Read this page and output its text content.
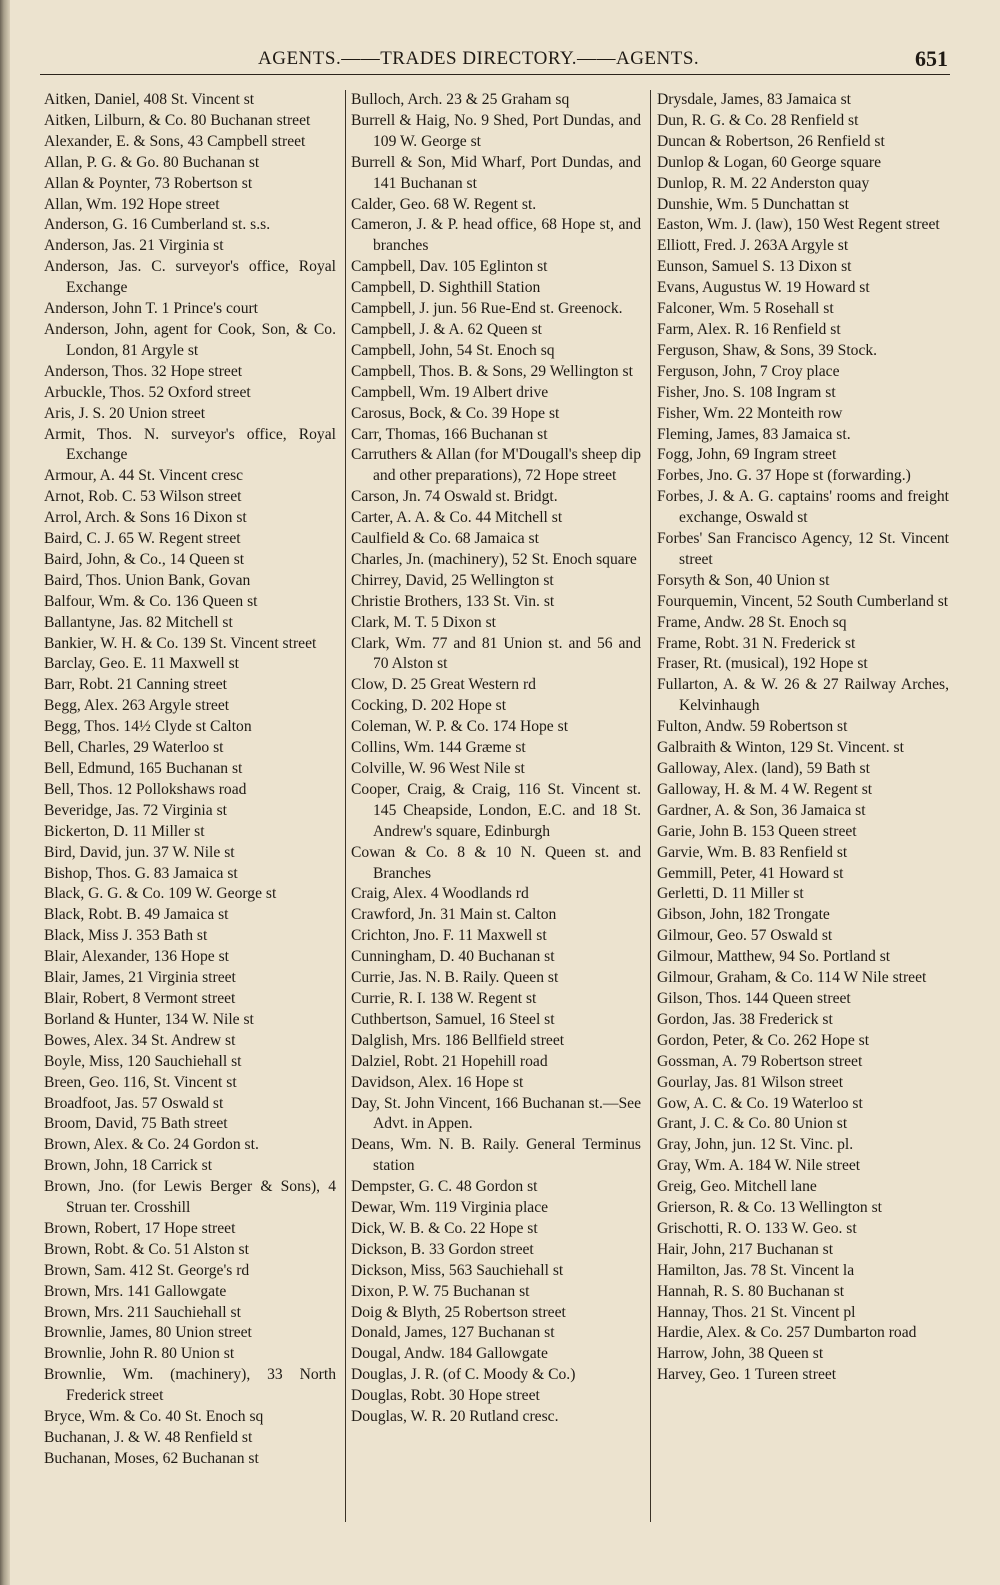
AGENTS.——TRADES DIRECTORY.——AGENTS.	651

Aitken, Daniel, 408 St. Vincent st

Aitken, Lilburn, & Co. 80 Buchanan street

Alexander, E. & Sons, 43 Campbell street

Allan, P. G. & Go. 80 Buchanan st

Allan & Poynter, 73 Robertson st

Allan, Wm. 192 Hope street

Anderson, G. 16 Cumberland st. s.s.

Anderson, Jas. 21 Virginia st

Anderson, Jas. C. surveyor's office, Royal Exchange

Anderson, John T. 1 Prince's court

Anderson, John, agent for Cook, Son, & Co. London, 81 Argyle st

Anderson, Thos. 32 Hope street

Arbuckle, Thos. 52 Oxford street

Aris, J. S. 20 Union street

Armit, Thos. N. surveyor's office, Royal Exchange

Armour, A. 44 St. Vincent cresc

Arnot, Rob. C. 53 Wilson street

Arrol, Arch. & Sons 16 Dixon st

Baird, C. J. 65 W. Regent street

Baird, John, & Co., 14 Queen st

Baird, Thos. Union Bank, Govan

Balfour, Wm. & Co. 136 Queen st

Ballantyne, Jas. 82 Mitchell st

Bankier, W. H. & Co. 139 St. Vincent street

Barclay, Geo. E. 11 Maxwell st

Barr, Robt. 21 Canning street

Begg, Alex. 263 Argyle street

Begg, Thos. 14½ Clyde st Calton

Bell, Charles, 29 Waterloo st

Bell, Edmund, 165 Buchanan st

Bell, Thos. 12 Pollokshaws road

Beveridge, Jas. 72 Virginia st

Bickerton, D. 11 Miller st

Bird, David, jun. 37 W. Nile st

Bishop, Thos. G. 83 Jamaica st

Black, G. G. & Co. 109 W. George st

Black, Robt. B. 49 Jamaica st

Black, Miss J. 353 Bath st

Blair, Alexander, 136 Hope st

Blair, James, 21 Virginia street

Blair, Robert, 8 Vermont street

Borland & Hunter, 134 W. Nile st

Bowes, Alex. 34 St. Andrew st

Boyle, Miss, 120 Sauchiehall st

Breen, Geo. 116, St. Vincent st

Broadfoot, Jas. 57 Oswald st

Broom, David, 75 Bath street

Brown, Alex. & Co. 24 Gordon st.

Brown, John, 18 Carrick st

Brown, Jno. (for Lewis Berger & Sons), 4 Struan ter. Crosshill

Brown, Robert, 17 Hope street

Brown, Robt. & Co. 51 Alston st

Brown, Sam. 412 St. George's rd

Brown, Mrs. 141 Gallowgate

Brown, Mrs. 211 Sauchiehall st

Brownlie, James, 80 Union street

Brownlie, John R. 80 Union st

Brownlie, Wm. (machinery), 33 North Frederick street

Bryce, Wm. & Co. 40 St. Enoch sq

Buchanan, J. & W. 48 Renfield st

Buchanan, Moses, 62 Buchanan st

Bulloch, Arch. 23 & 25 Graham sq

Burrell & Haig, No. 9 Shed, Port Dundas, and 109 W. George st

Burrell & Son, Mid Wharf, Port Dundas, and 141 Buchanan st

Calder, Geo. 68 W. Regent st.

Cameron, J. & P. head office, 68 Hope st, and branches

Campbell, Dav. 105 Eglinton st

Campbell, D. Sighthill Station

Campbell, J. jun. 56 Rue-End st. Greenock.

Campbell, J. & A. 62 Queen st

Campbell, John, 54 St. Enoch sq

Campbell, Thos. B. & Sons, 29 Wellington st

Campbell, Wm. 19 Albert drive

Carosus, Bock, & Co. 39 Hope st

Carr, Thomas, 166 Buchanan st

Carruthers & Allan (for M'Dougall's sheep dip and other preparations), 72 Hope street

Carson, Jn. 74 Oswald st. Bridgt.

Carter, A. A. & Co. 44 Mitchell st

Caulfield & Co. 68 Jamaica st

Charles, Jn. (machinery), 52 St. Enoch square

Chirrey, David, 25 Wellington st

Christie Brothers, 133 St. Vin. st

Clark, M. T. 5 Dixon st

Clark, Wm. 77 and 81 Union st. and 56 and 70 Alston st

Clow, D. 25 Great Western rd

Cocking, D. 202 Hope st

Coleman, W. P. & Co. 174 Hope st

Collins, Wm. 144 Græme st

Colville, W. 96 West Nile st

Cooper, Craig, & Craig, 116 St. Vincent st. 145 Cheapside, London, E.C. and 18 St. Andrew's square, Edinburgh

Cowan & Co. 8 & 10 N. Queen st. and Branches

Craig, Alex. 4 Woodlands rd

Crawford, Jn. 31 Main st. Calton

Crichton, Jno. F. 11 Maxwell st

Cunningham, D. 40 Buchanan st

Currie, Jas. N. B. Raily. Queen st

Currie, R. I. 138 W. Regent st

Cuthbertson, Samuel, 16 Steel st

Dalglish, Mrs. 186 Bellfield street

Dalziel, Robt. 21 Hopehill road

Davidson, Alex. 16 Hope st

Day, St. John Vincent, 166 Buchanan st.—See Advt. in Appen.

Deans, Wm. N. B. Raily. General Terminus station

Dempster, G. C. 48 Gordon st

Dewar, Wm. 119 Virginia place

Dick, W. B. & Co. 22 Hope st

Dickson, B. 33 Gordon street

Dickson, Miss, 563 Sauchiehall st

Dixon, P. W. 75 Buchanan st

Doig & Blyth, 25 Robertson street

Donald, James, 127 Buchanan st

Dougal, Andw. 184 Gallowgate

Douglas, J. R. (of C. Moody & Co.)

Douglas, Robt. 30 Hope street

Douglas, W. R. 20 Rutland cresc.

Drysdale, James, 83 Jamaica st

Dun, R. G. & Co. 28 Renfield st

Duncan & Robertson, 26 Renfield st

Dunlop & Logan, 60 George square

Dunlop, R. M. 22 Anderston quay

Dunshie, Wm. 5 Dunchattan st

Easton, Wm. J. (law), 150 West Regent street

Elliott, Fred. J. 263A Argyle st

Eunson, Samuel S. 13 Dixon st

Evans, Augustus W. 19 Howard st

Falconer, Wm. 5 Rosehall st

Farm, Alex. R. 16 Renfield st

Ferguson, Shaw, & Sons, 39 Stock.

Ferguson, John, 7 Croy place

Fisher, Jno. S. 108 Ingram st

Fisher, Wm. 22 Monteith row

Fleming, James, 83 Jamaica st.

Fogg, John, 69 Ingram street

Forbes, Jno. G. 37 Hope st (forwarding.)

Forbes, J. & A. G. captains' rooms and freight exchange, Oswald st

Forbes' San Francisco Agency, 12 St. Vincent street

Forsyth & Son, 40 Union st

Fourquemin, Vincent, 52 South Cumberland st

Frame, Andw. 28 St. Enoch sq

Frame, Robt. 31 N. Frederick st

Fraser, Rt. (musical), 192 Hope st

Fullarton, A. & W. 26 & 27 Railway Arches, Kelvinhaugh

Fulton, Andw. 59 Robertson st

Galbraith & Winton, 129 St. Vincent. st

Galloway, Alex. (land), 59 Bath st

Galloway, H. & M. 4 W. Regent st

Gardner, A. & Son, 36 Jamaica st

Garie, John B. 153 Queen street

Garvie, Wm. B. 83 Renfield st

Gemmill, Peter, 41 Howard st

Gerletti, D. 11 Miller st

Gibson, John, 182 Trongate

Gilmour, Geo. 57 Oswald st

Gilmour, Matthew, 94 So. Portland st

Gilmour, Graham, & Co. 114 W Nile street

Gilson, Thos. 144 Queen street

Gordon, Jas. 38 Frederick st

Gordon, Peter, & Co. 262 Hope st

Gossman, A. 79 Robertson street

Gourlay, Jas. 81 Wilson street

Gow, A. C. & Co. 19 Waterloo st

Grant, J. C. & Co. 80 Union st

Gray, John, jun. 12 St. Vinc. pl.

Gray, Wm. A. 184 W. Nile street

Greig, Geo. Mitchell lane

Grierson, R. & Co. 13 Wellington st

Grischotti, R. O. 133 W. Geo. st

Hair, John, 217 Buchanan st

Hamilton, Jas. 78 St. Vincent la

Hannah, R. S. 80 Buchanan st

Hannay, Thos. 21 St. Vincent pl

Hardie, Alex. & Co. 257 Dumbarton road

Harrow, John, 38 Queen st

Harvey, Geo. 1 Tureen street
